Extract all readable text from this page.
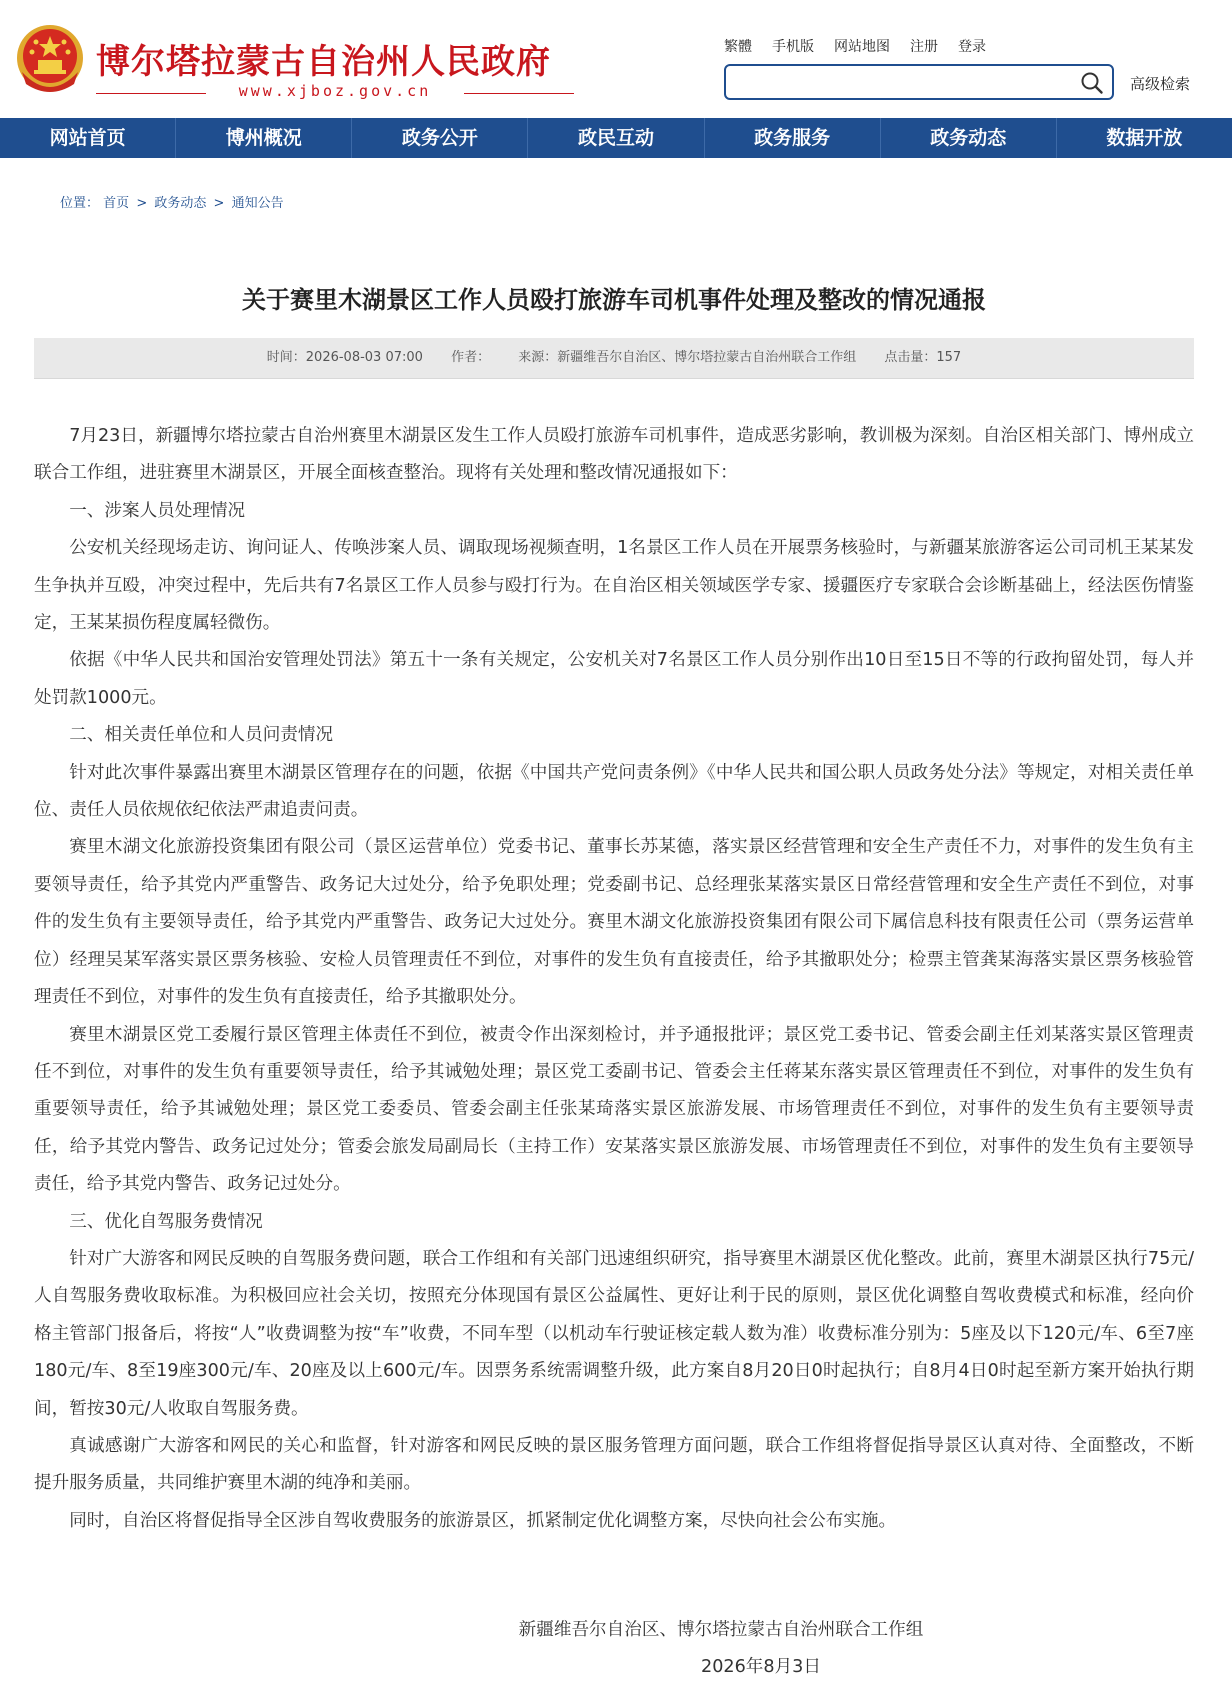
博尔塔拉蒙古自治州人民政府
www.xjboz.gov.cn
繁體 手机版 网站地图 注册 登录
高级检索
网站首页	博州概况	政务公开	政民互动	政务服务	政务动态	数据开放
位置： 首页 > 政务动态 > 通知公告
关于赛里木湖景区工作人员殴打旅游车司机事件处理及整改的情况通报
时间：2026-08-03 07:00 作者： 来源：新疆维吾尔自治区、博尔塔拉蒙古自治州联合工作组 点击量：157

7月23日，新疆博尔塔拉蒙古自治州赛里木湖景区发生工作人员殴打旅游车司机事件，造成恶劣影响，教训极为深刻。自治区相关部门、博州成立联合工作组，进驻赛里木湖景区，开展全面核查整治。现将有关处理和整改情况通报如下：

一、涉案人员处理情况

公安机关经现场走访、询问证人、传唤涉案人员、调取现场视频查明，1名景区工作人员在开展票务核验时，与新疆某旅游客运公司司机王某某发生争执并互殴，冲突过程中，先后共有7名景区工作人员参与殴打行为。在自治区相关领域医学专家、援疆医疗专家联合会诊断基础上，经法医伤情鉴定，王某某损伤程度属轻微伤。

依据《中华人民共和国治安管理处罚法》第五十一条有关规定，公安机关对7名景区工作人员分别作出10日至15日不等的行政拘留处罚，每人并处罚款1000元。

二、相关责任单位和人员问责情况

针对此次事件暴露出赛里木湖景区管理存在的问题，依据《中国共产党问责条例》《中华人民共和国公职人员政务处分法》等规定，对相关责任单位、责任人员依规依纪依法严肃追责问责。

赛里木湖文化旅游投资集团有限公司（景区运营单位）党委书记、董事长苏某德，落实景区经营管理和安全生产责任不力，对事件的发生负有主要领导责任，给予其党内严重警告、政务记大过处分，给予免职处理；党委副书记、总经理张某落实景区日常经营管理和安全生产责任不到位，对事件的发生负有主要领导责任，给予其党内严重警告、政务记大过处分。赛里木湖文化旅游投资集团有限公司下属信息科技有限责任公司（票务运营单位）经理吴某军落实景区票务核验、安检人员管理责任不到位，对事件的发生负有直接责任，给予其撤职处分；检票主管龚某海落实景区票务核验管理责任不到位，对事件的发生负有直接责任，给予其撤职处分。

赛里木湖景区党工委履行景区管理主体责任不到位，被责令作出深刻检讨，并予通报批评；景区党工委书记、管委会副主任刘某落实景区管理责任不到位，对事件的发生负有重要领导责任，给予其诫勉处理；景区党工委副书记、管委会主任蒋某东落实景区管理责任不到位，对事件的发生负有重要领导责任，给予其诫勉处理；景区党工委委员、管委会副主任张某琦落实景区旅游发展、市场管理责任不到位，对事件的发生负有主要领导责任，给予其党内警告、政务记过处分；管委会旅发局副局长（主持工作）安某落实景区旅游发展、市场管理责任不到位，对事件的发生负有主要领导责任，给予其党内警告、政务记过处分。

三、优化自驾服务费情况

针对广大游客和网民反映的自驾服务费问题，联合工作组和有关部门迅速组织研究，指导赛里木湖景区优化整改。此前，赛里木湖景区执行75元/人自驾服务费收取标准。为积极回应社会关切，按照充分体现国有景区公益属性、更好让利于民的原则，景区优化调整自驾收费模式和标准，经向价格主管部门报备后，将按“人”收费调整为按“车”收费，不同车型（以机动车行驶证核定载人数为准）收费标准分别为：5座及以下120元/车、6至7座180元/车、8至19座300元/车、20座及以上600元/车。因票务系统需调整升级，此方案自8月20日0时起执行；自8月4日0时起至新方案开始执行期间，暂按30元/人收取自驾服务费。

真诚感谢广大游客和网民的关心和监督，针对游客和网民反映的景区服务管理方面问题，联合工作组将督促指导景区认真对待、全面整改，不断提升服务质量，共同维护赛里木湖的纯净和美丽。

同时，自治区将督促指导全区涉自驾收费服务的旅游景区，抓紧制定优化调整方案，尽快向社会公布实施。

新疆维吾尔自治区、博尔塔拉蒙古自治州联合工作组
2026年8月3日
